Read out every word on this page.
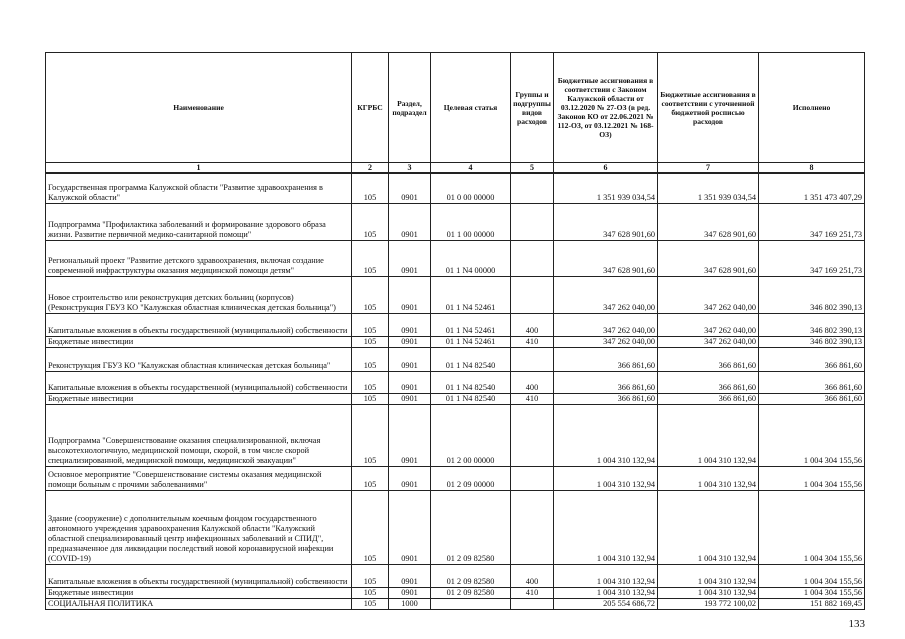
Наименование	КГРБС	Раздел, подраздел	Целевая статья	Группы и подгруппы видов расходов	Бюджетные ассигнования в соответствии с Законом Калужской области от 03.12.2020 № 27-ОЗ (в ред. Законов КО от 22.06.2021 № 112-ОЗ, от 03.12.2021 № 168-ОЗ)	Бюджетные ассигнования в соответствии с уточненной бюджетной росписью расходов	Исполнено
1	2	3	4	5	6	7	8
Государственная программа Калужской области "Развитие здравоохранения в Калужской области"	105	0901	01 0 00 00000		1 351 939 034,54	1 351 939 034,54	1 351 473 407,29
Подпрограмма "Профилактика заболеваний и формирование здорового образа жизни. Развитие первичной медико-санитарной помощи"	105	0901	01 1 00 00000		347 628 901,60	347 628 901,60	347 169 251,73
Региональный проект "Развитие детского здравоохранения, включая создание современной инфраструктуры оказания медицинской помощи детям"	105	0901	01 1 N4 00000		347 628 901,60	347 628 901,60	347 169 251,73
Новое строительство или реконструкция детских больниц (корпусов) (Реконструкция ГБУЗ КО "Калужская областная клиническая детская больница")	105	0901	01 1 N4 52461		347 262 040,00	347 262 040,00	346 802 390,13
Капитальные вложения в объекты государственной (муниципальной) собственности	105	0901	01 1 N4 52461	400	347 262 040,00	347 262 040,00	346 802 390,13
Бюджетные инвестиции	105	0901	01 1 N4 52461	410	347 262 040,00	347 262 040,00	346 802 390,13
Реконструкция ГБУЗ КО "Калужская областная клиническая детская больница"	105	0901	01 1 N4 82540		366 861,60	366 861,60	366 861,60
Капитальные вложения в объекты государственной (муниципальной) собственности	105	0901	01 1 N4 82540	400	366 861,60	366 861,60	366 861,60
Бюджетные инвестиции	105	0901	01 1 N4 82540	410	366 861,60	366 861,60	366 861,60
Подпрограмма "Совершенствование оказания специализированной, включая высокотехнологичную, медицинской помощи, скорой, в том числе скорой специализированной, медицинской помощи, медицинской эвакуации"	105	0901	01 2 00 00000		1 004 310 132,94	1 004 310 132,94	1 004 304 155,56
Основное мероприятие "Совершенствование системы оказания медицинской помощи больным с прочими заболеваниями"	105	0901	01 2 09 00000		1 004 310 132,94	1 004 310 132,94	1 004 304 155,56
Здание (сооружение) с дополнительным коечным фондом государственного автономного учреждения здравоохранения Калужской области "Калужский областной специализированный центр инфекционных заболеваний и СПИД", предназначенное для ликвидации последствий новой коронавирусной инфекции (COVID-19)	105	0901	01 2 09 82580		1 004 310 132,94	1 004 310 132,94	1 004 304 155,56
Капитальные вложения в объекты государственной (муниципальной) собственности	105	0901	01 2 09 82580	400	1 004 310 132,94	1 004 310 132,94	1 004 304 155,56
Бюджетные инвестиции	105	0901	01 2 09 82580	410	1 004 310 132,94	1 004 310 132,94	1 004 304 155,56
СОЦИАЛЬНАЯ ПОЛИТИКА	105	1000			205 554 686,72	193 772 100,02	151 882 169,45
133
